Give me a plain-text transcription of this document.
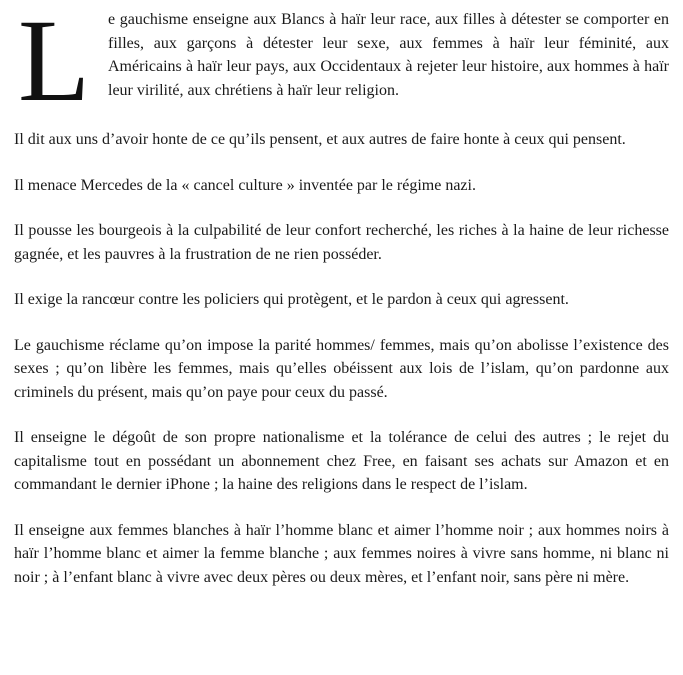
L e gauchisme enseigne aux Blancs à haïr leur race, aux filles à détester se comporter en filles, aux garçons à détester leur sexe, aux femmes à haïr leur féminité, aux Américains à haïr leur pays, aux Occidentaux à rejeter leur histoire, aux hommes à haïr leur virilité, aux chrétiens à haïr leur religion.

Il dit aux uns d’avoir honte de ce qu’ils pensent, et aux autres de faire honte à ceux qui pensent.

Il menace Mercedes de la « cancel culture » inventée par le régime nazi.

Il pousse les bourgeois à la culpabilité de leur confort recherché, les riches à la haine de leur richesse gagnée, et les pauvres à la frustration de ne rien posséder.

Il exige la rancœur contre les policiers qui protègent, et le pardon à ceux qui agressent.

Le gauchisme réclame qu’on impose la parité hommes/ femmes, mais qu’on abolisse l’existence des sexes ; qu’on libère les femmes, mais qu’elles obéissent aux lois de l’islam, qu’on pardonne aux criminels du présent, mais qu’on paye pour ceux du passé.

Il enseigne le dégoût de son propre nationalisme et la tolérance de celui des autres ; le rejet du capitalisme tout en possédant un abonnement chez Free, en faisant ses achats sur Amazon et en commandant le dernier iPhone ; la haine des religions dans le respect de l’islam.

Il enseigne aux femmes blanches à haïr l’homme blanc et aimer l’homme noir ; aux hommes noirs à haïr l’homme blanc et aimer la femme blanche ; aux femmes noires à vivre sans homme, ni blanc ni noir ; à l’enfant blanc à vivre avec deux pères ou deux mères, et l’enfant noir, sans père ni mère.
